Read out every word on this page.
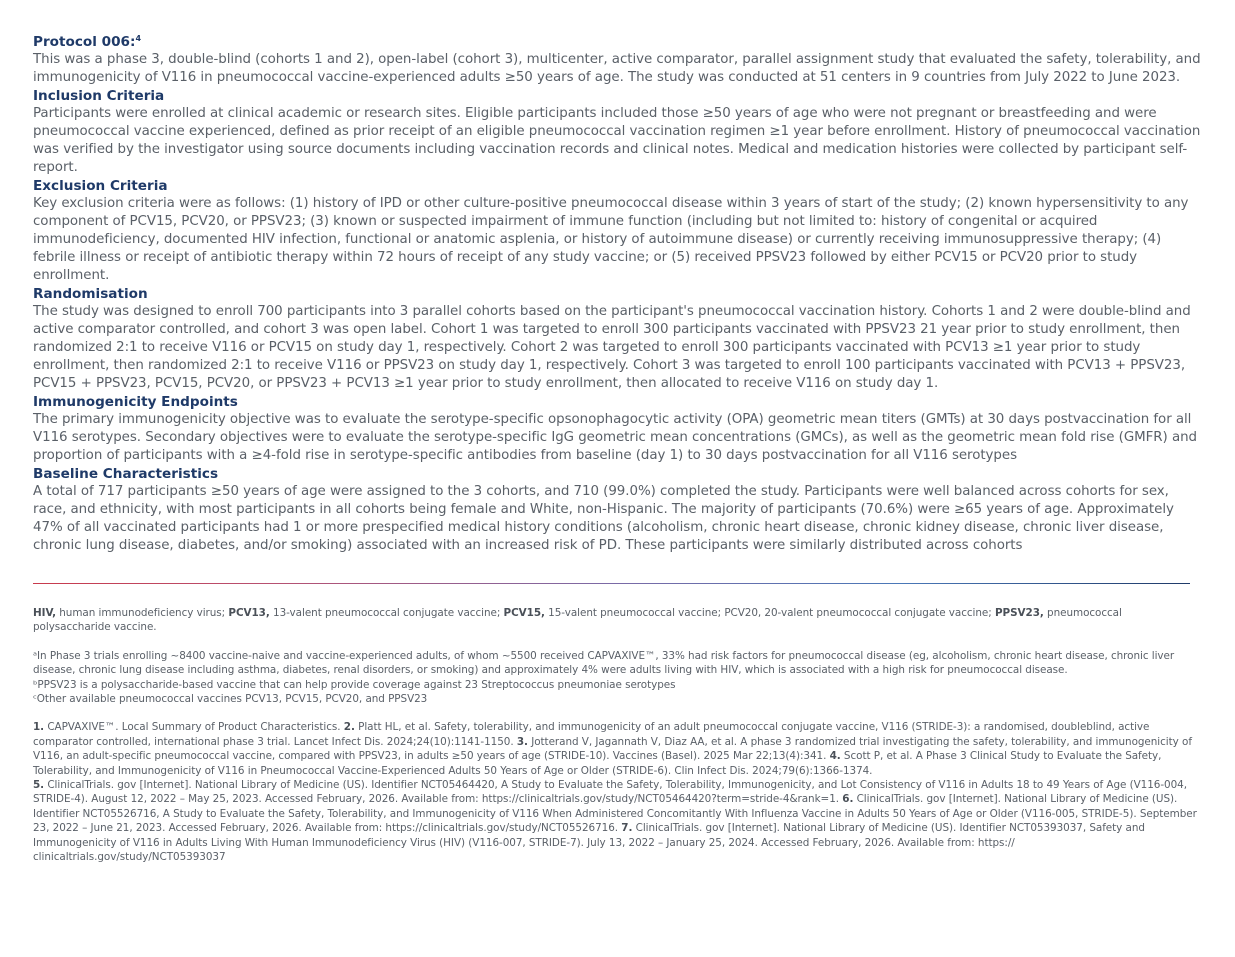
Protocol 006:$^4$

This was a phase 3, double-blind (cohorts 1 and 2), open-label (cohort 3), multicenter, active comparator, parallel assignment study that evaluated the safety, tolerability, and immunogenicity of V116 in pneumococcal vaccine-experienced adults ≥50 years of age. The study was conducted at 51 centers in 9 countries from July 2022 to June 2023.

Inclusion Criteria

Participants were enrolled at clinical academic or research sites. Eligible participants included those ≥50 years of age who were not pregnant or breastfeeding and were pneumococcal vaccine experienced, defined as prior receipt of an eligible pneumococcal vaccination regimen ≥1 year before enrollment. History of pneumococcal vaccination was verified by the investigator using source documents including vaccination records and clinical notes. Medical and medication histories were collected by participant self-report.

Exclusion Criteria

Key exclusion criteria were as follows: (1) history of IPD or other culture-positive pneumococcal disease within 3 years of start of the study; (2) known hypersensitivity to any component of PCV15, PCV20, or PPSV23; (3) known or suspected impairment of immune function (including but not limited to: history of congenital or acquired immunodeficiency, documented HIV infection, functional or anatomic asplenia, or history of autoimmune disease) or currently receiving immunosuppressive therapy; (4) febrile illness or receipt of antibiotic therapy within 72 hours of receipt of any study vaccine; or (5) received PPSV23 followed by either PCV15 or PCV20 prior to study enrollment.

Randomisation

The study was designed to enroll 700 participants into 3 parallel cohorts based on the participant's pneumococcal vaccination history. Cohorts 1 and 2 were double-blind and active comparator controlled, and cohort 3 was open label. Cohort 1 was targeted to enroll 300 participants vaccinated with PPSV23 21 year prior to study enrollment, then randomized 2:1 to receive V116 or PCV15 on study day 1, respectively. Cohort 2 was targeted to enroll 300 participants vaccinated with PCV13 ≥1 year prior to study enrollment, then randomized 2:1 to receive V116 or PPSV23 on study day 1, respectively. Cohort 3 was targeted to enroll 100 participants vaccinated with PCV13 + PPSV23, PCV15 + PPSV23, PCV15, PCV20, or PPSV23 + PCV13 ≥1 year prior to study enrollment, then allocated to receive V116 on study day 1.

Immunogenicity Endpoints

The primary immunogenicity objective was to evaluate the serotype-specific opsonophagocytic activity (OPA) geometric mean titers (GMTs) at 30 days postvaccination for all V116 serotypes. Secondary objectives were to evaluate the serotype-specific IgG geometric mean concentrations (GMCs), as well as the geometric mean fold rise (GMFR) and proportion of participants with a ≥4-fold rise in serotype-specific antibodies from baseline (day 1) to 30 days postvaccination for all V116 serotypes

Baseline Characteristics

A total of 717 participants ≥50 years of age were assigned to the 3 cohorts, and 710 (99.0%) completed the study. Participants were well balanced across cohorts for sex, race, and ethnicity, with most participants in all cohorts being female and White, non-Hispanic. The majority of participants (70.6%) were ≥65 years of age. Approximately 47% of all vaccinated participants had 1 or more prespecified medical history conditions (alcoholism, chronic heart disease, chronic kidney disease, chronic liver disease, chronic lung disease, diabetes, and/or smoking) associated with an increased risk of PD. These participants were similarly distributed across cohorts

HIV, human immunodeficiency virus; PCV13, 13-valent pneumococcal conjugate vaccine; PCV15, 15-valent pneumococcal vaccine; PCV20, 20-valent pneumococcal conjugate vaccine; PPSV23, pneumococcal polysaccharide vaccine.

ᵃIn Phase 3 trials enrolling ~8400 vaccine-naive and vaccine-experienced adults, of whom ~5500 received CAPVAXIVE™, 33% had risk factors for pneumococcal disease (eg, alcoholism, chronic heart disease, chronic liver disease, chronic lung disease including asthma, diabetes, renal disorders, or smoking) and approximately 4% were adults living with HIV, which is associated with a high risk for pneumococcal disease.

ᵇPPSV23 is a polysaccharide-based vaccine that can help provide coverage against 23 Streptococcus pneumoniae serotypes

ᶜOther available pneumococcal vaccines PCV13, PCV15, PCV20, and PPSV23

1. CAPVAXIVE™. Local Summary of Product Characteristics. 2. Platt HL, et al. Safety, tolerability, and immunogenicity of an adult pneumococcal conjugate vaccine, V116 (STRIDE-3): a randomised, doubleblind, active comparator controlled, international phase 3 trial. Lancet Infect Dis. 2024;24(10):1141-1150. 3. Jotterand V, Jagannath V, Diaz AA, et al. A phase 3 randomized trial investigating the safety, tolerability, and immunogenicity of V116, an adult-specific pneumococcal vaccine, compared with PPSV23, in adults ≥50 years of age (STRIDE-10). Vaccines (Basel). 2025 Mar 22;13(4):341. 4. Scott P, et al. A Phase 3 Clinical Study to Evaluate the Safety, Tolerability, and Immunogenicity of V116 in Pneumococcal Vaccine-Experienced Adults 50 Years of Age or Older (STRIDE-6). Clin Infect Dis. 2024;79(6):1366-1374.
5. ClinicalTrials. gov [Internet]. National Library of Medicine (US). Identifier NCT05464420, A Study to Evaluate the Safety, Tolerability, Immunogenicity, and Lot Consistency of V116 in Adults 18 to 49 Years of Age (V116-004, STRIDE-4). August 12, 2022 – May 25, 2023. Accessed February, 2026. Available from: https://clinicaltrials.gov/study/NCT05464420?term=stride-4&rank=1. 6. ClinicalTrials. gov [Internet]. National Library of Medicine (US). Identifier NCT05526716, A Study to Evaluate the Safety, Tolerability, and Immunogenicity of V116 When Administered Concomitantly With Influenza Vaccine in Adults 50 Years of Age or Older (V116-005, STRIDE-5). September 23, 2022 – June 21, 2023. Accessed February, 2026. Available from: https://clinicaltrials.gov/study/NCT05526716. 7. ClinicalTrials. gov [Internet]. National Library of Medicine (US). Identifier NCT05393037, Safety and Immunogenicity of V116 in Adults Living With Human Immunodeficiency Virus (HIV) (V116-007, STRIDE-7). July 13, 2022 – January 25, 2024. Accessed February, 2026. Available from: https:// clinicaltrials.gov/study/NCT05393037
